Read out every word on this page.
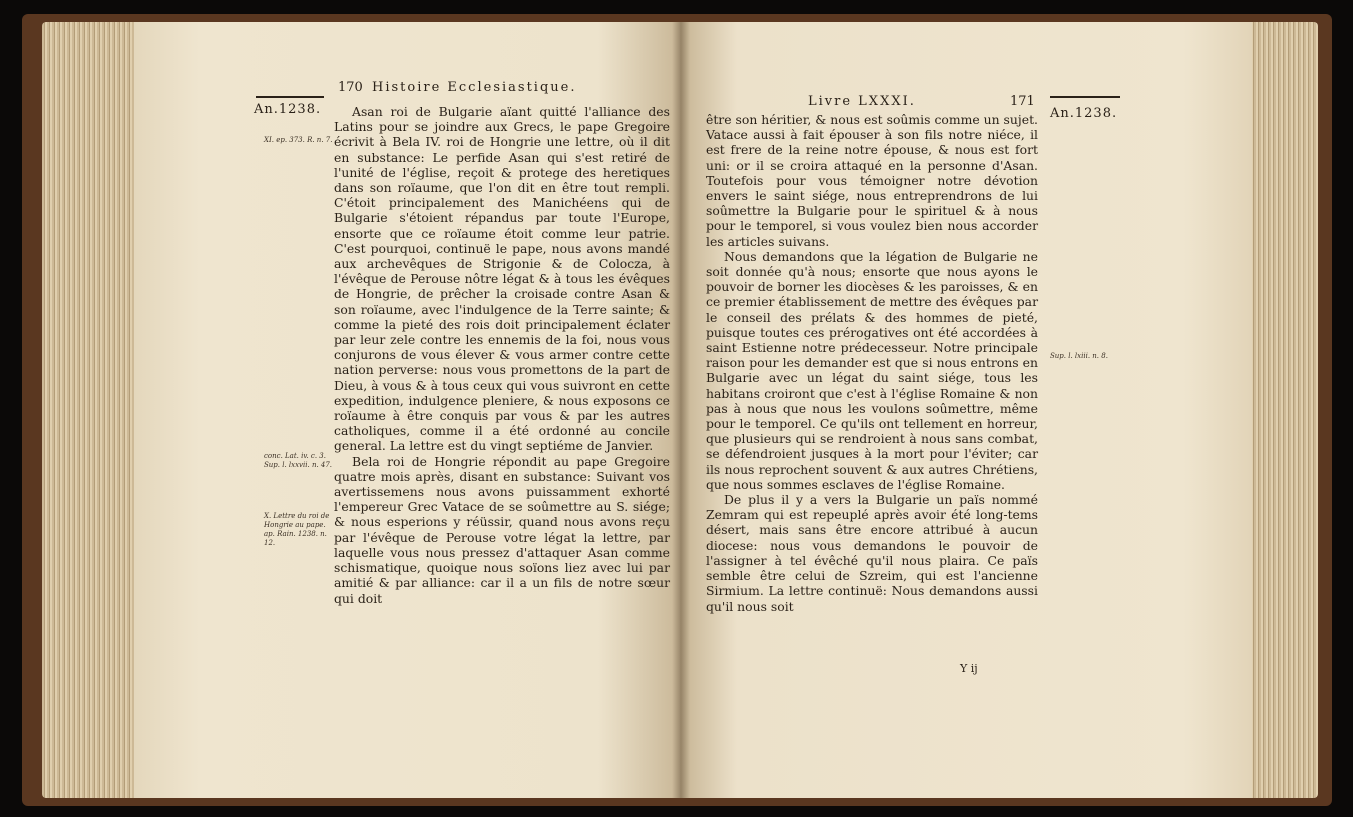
An.1238.
170 Histoire Ecclesiastique.
XI. ep. 373. R. n. 7.
conc. Lat. iv. c. 3. Sup. l. lxxvii. n. 47.
X. Lettre du roi de Hongrie au pape. ap. Rain. 1238. n. 12.

Asan roi de Bulgarie aïant quitté l'alliance des Latins pour se joindre aux Grecs, le pape Gregoire écrivit à Bela IV. roi de Hongrie une lettre, où il dit en substance: Le perfide Asan qui s'est retiré de l'unité de l'église, reçoit & protege des heretiques dans son roïaume, que l'on dit en être tout rempli. C'étoit principalement des Manichéens qui de Bulgarie s'étoient répandus par toute l'Europe, ensorte que ce roïaume étoit comme leur patrie. C'est pourquoi, continuë le pape, nous avons mandé aux archevêques de Strigonie & de Colocza, à l'évêque de Perouse nôtre légat & à tous les évêques de Hongrie, de prêcher la croisade contre Asan & son roïaume, avec l'indulgence de la Terre sainte; & comme la pieté des rois doit principalement éclater par leur zele contre les ennemis de la foi, nous vous conjurons de vous élever & vous armer contre cette nation perverse: nous vous promettons de la part de Dieu, à vous & à tous ceux qui vous suivront en cette expedition, indulgence pleniere, & nous exposons ce roïaume à être conquis par vous & par les autres catholiques, comme il a été ordonné au concile general. La lettre est du vingt septiéme de Janvier.

Bela roi de Hongrie répondit au pape Gregoire quatre mois après, disant en substance: Suivant vos avertissemens nous avons puissamment exhorté l'empereur Grec Vatace de se soûmettre au S. siége; & nous esperions y réüssir, quand nous avons reçu par l'évêque de Perouse votre légat la lettre, par laquelle vous nous pressez d'attaquer Asan comme schismatique, quoique nous soïons liez avec lui par amitié & par alliance: car il a un fils de notre sœur qui doit

Livre LXXXI.	171
An.1238.
Sup. l. lxiii. n. 8.

être son héritier, & nous est soûmis comme un sujet. Vatace aussi à fait épouser à son fils notre niéce, il est frere de la reine notre épouse, & nous est fort uni: or il se croira attaqué en la personne d'Asan. Toutefois pour vous témoigner notre dévotion envers le saint siége, nous entreprendrons de lui soûmettre la Bulgarie pour le spirituel & à nous pour le temporel, si vous voulez bien nous accorder les articles suivans.

Nous demandons que la légation de Bulgarie ne soit donnée qu'à nous; ensorte que nous ayons le pouvoir de borner les diocèses & les paroisses, & en ce premier établissement de mettre des évêques par le conseil des prélats & des hommes de pieté, puisque toutes ces prérogatives ont été accordées à saint Estienne notre prédecesseur. Notre principale raison pour les demander est que si nous entrons en Bulgarie avec un légat du saint siége, tous les habitans croiront que c'est à l'église Romaine & non pas à nous que nous les voulons soûmettre, même pour le temporel. Ce qu'ils ont tellement en horreur, que plusieurs qui se rendroient à nous sans combat, se défendroient jusques à la mort pour l'éviter; car ils nous reprochent souvent & aux autres Chrétiens, que nous sommes esclaves de l'église Romaine.

De plus il y a vers la Bulgarie un païs nommé Zemram qui est repeuplé après avoir été long-tems désert, mais sans être encore attribué à aucun diocese: nous vous demandons le pouvoir de l'assigner à tel évêché qu'il nous plaira. Ce païs semble être celui de Szreim, qui est l'ancienne Sirmium. La lettre continuë: Nous demandons aussi qu'il nous soit

Y ij
